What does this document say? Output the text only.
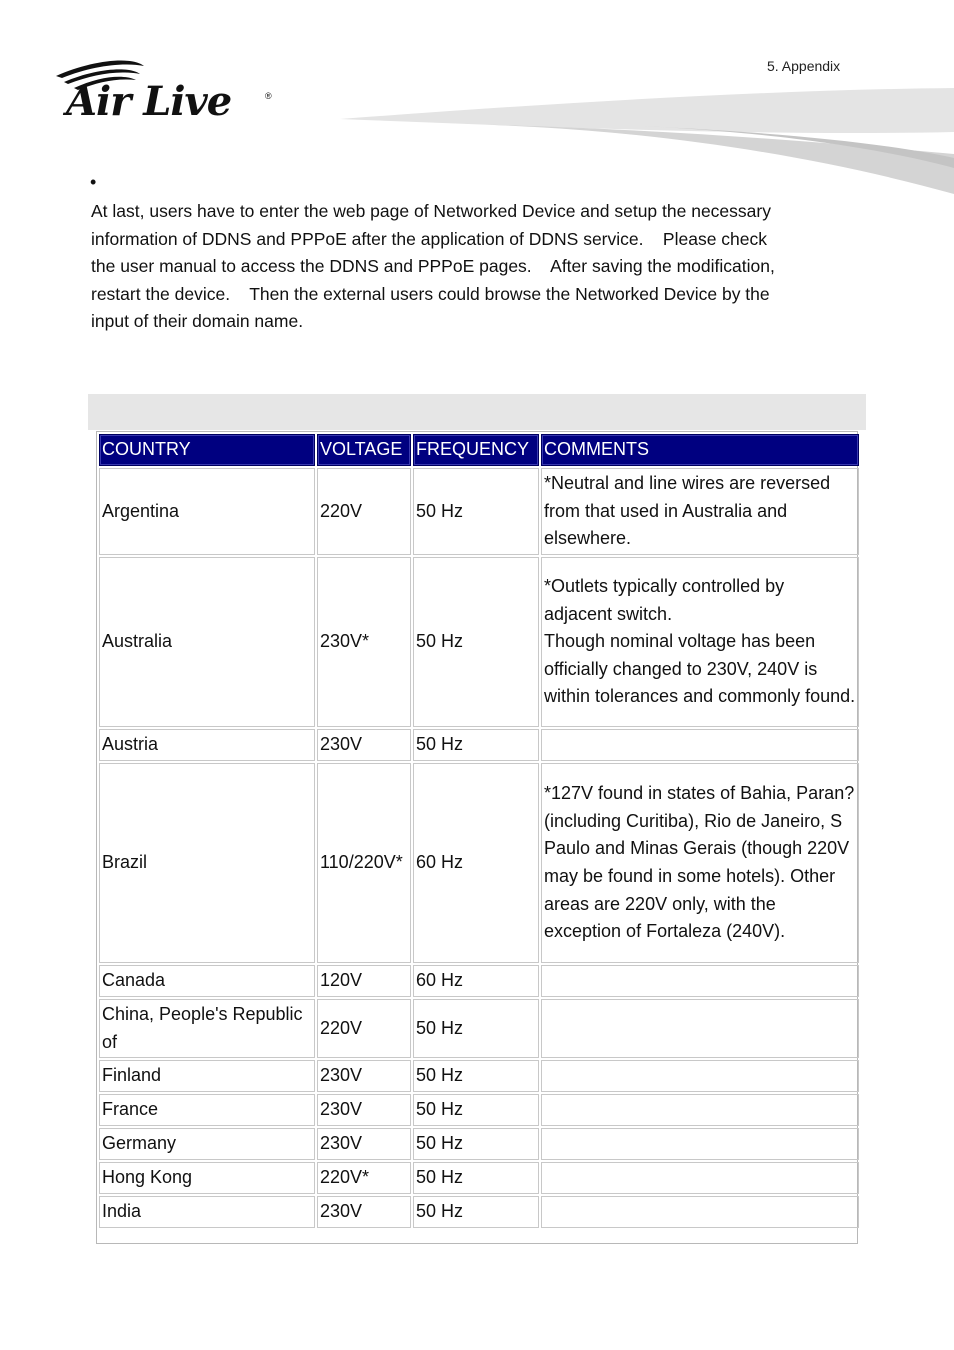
5. Appendix
Air Live	®
•

At last, users have to enter the web page of Networked Device and setup the necessary
information of DDNS and PPPoE after the application of DDNS service.    Please check
the user manual to access the DDNS and PPPoE pages.    After saving the modification,
restart the device.    Then the external users could browse the Networked Device by the
input of their domain name.

COUNTRY	VOLTAGE	FREQUENCY	COMMENTS
Argentina	220V	50 Hz	*Neutral and line wires are reversed from that used in Australia and elsewhere.
Australia	230V*	50 Hz	*Outlets typically controlled by adjacent switch.
Though nominal voltage has been officially changed to 230V, 240V is within tolerances and commonly found.
Austria	230V	50 Hz	
Brazil	110/220V*	60 Hz	*127V found in states of Bahia, Paran? (including Curitiba), Rio de Janeiro, S Paulo and Minas Gerais (though 220V may be found in some hotels). Other areas are 220V only, with the exception of Fortaleza (240V).
Canada	120V	60 Hz	
China, People's Republic of	220V	50 Hz	
Finland	230V	50 Hz	
France	230V	50 Hz	
Germany	230V	50 Hz	
Hong Kong	220V*	50 Hz	
India	230V	50 Hz	
